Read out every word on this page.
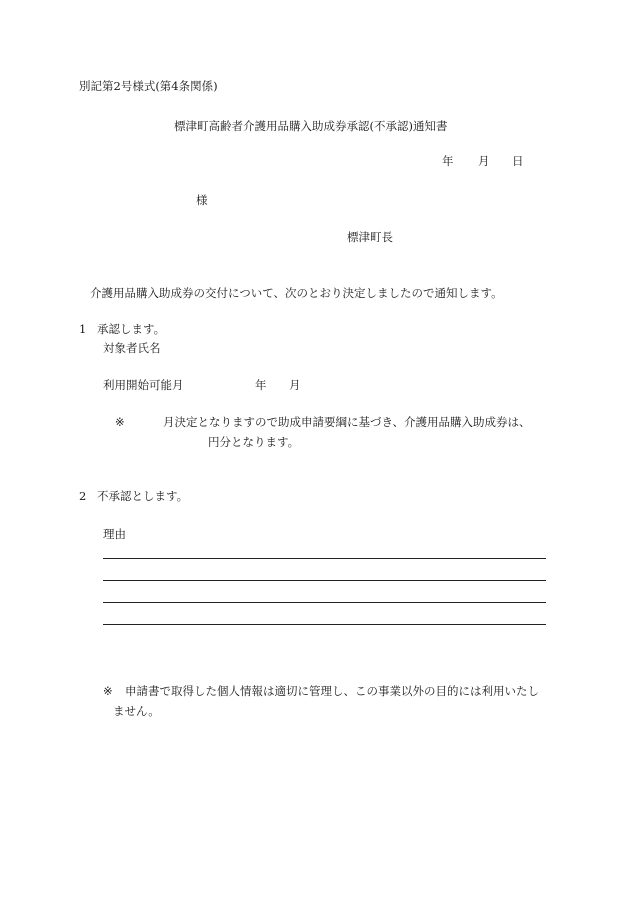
別記第2号様式(第4条関係)
標津町高齢者介護用品購入助成券承認(不承認)通知書
年 月 日
様
標津町長
介護用品購入助成券の交付について、次のとおり決定しましたので通知します。
1 承認します。
対象者氏名
利用開始可能月	年 月
※	月決定となりますので助成申請要綱に基づき、介護用品購入助成券は、
円分となります。
2 不承認とします。
理由
※ 申請書で取得した個人情報は適切に管理し、この事業以外の目的には利用いたし
ません。
